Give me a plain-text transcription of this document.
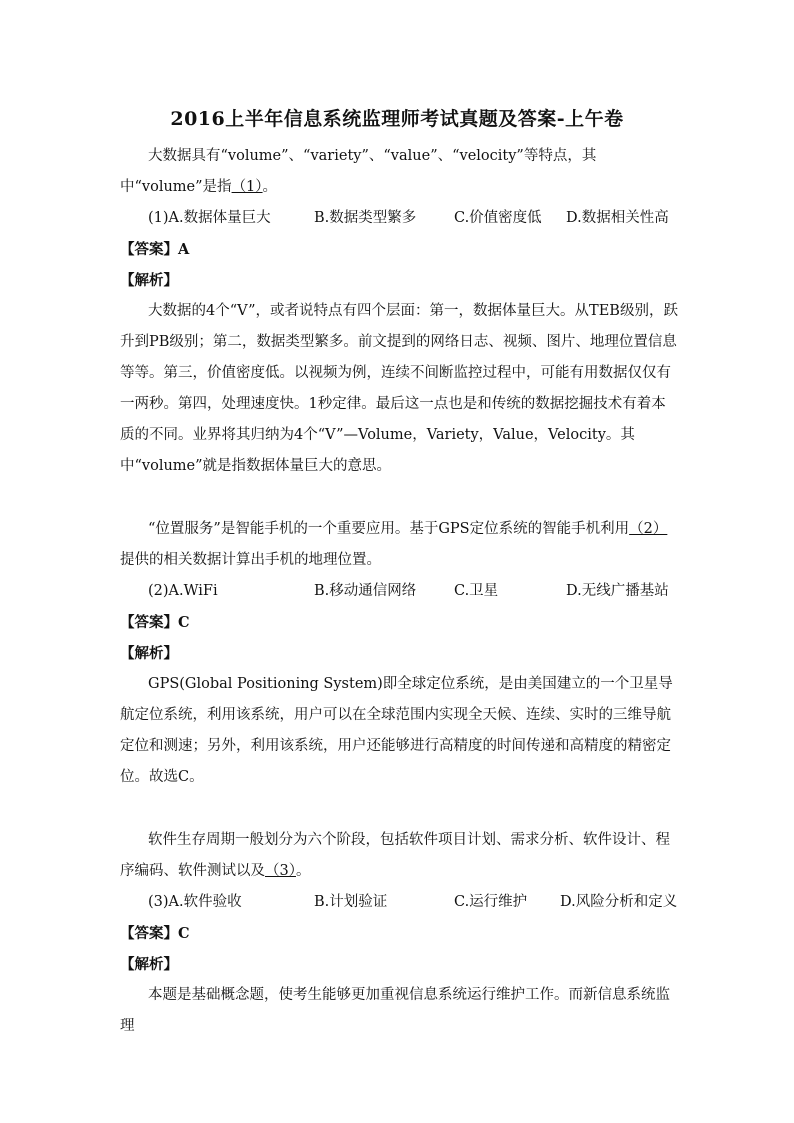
2016上半年信息系统监理师考试真题及答案-上午卷
大数据具有“volume”、“variety”、“value”、“velocity”等特点，其中“volume”是指（1）。
(1)A.数据体量巨大	B.数据类型繁多	C.价值密度低 D.数据相关性高
【答案】A
【解析】
大数据的4个“V”，或者说特点有四个层面：第一，数据体量巨大。从TEB级别，跃升到PB级别；第二，数据类型繁多。前文提到的网络日志、视频、图片、地理位置信息等等。第三，价值密度低。以视频为例，连续不间断监控过程中，可能有用数据仅仅有一两秒。第四，处理速度快。1秒定律。最后这一点也是和传统的数据挖掘技术有着本质的不同。业界将其归纳为4个“V”—Volume，Variety，Value，Velocity。其中“volume”就是指数据体量巨大的意思。
“位置服务”是智能手机的一个重要应用。基于GPS定位系统的智能手机利用（2）提供的相关数据计算出手机的地理位置。
(2)A.WiFi	B.移动通信网络	C.卫星	D.无线广播基站
【答案】C
【解析】
GPS(Global Positioning System)即全球定位系统，是由美国建立的一个卫星导航定位系统，利用该系统，用户可以在全球范围内实现全天候、连续、实时的三维导航定位和测速；另外，利用该系统，用户还能够进行高精度的时间传递和高精度的精密定位。故选C。
软件生存周期一般划分为六个阶段，包括软件项目计划、需求分析、软件设计、程序编码、软件测试以及（3）。
(3)A.软件验收	B.计划验证	C.运行维护 D.风险分析和定义
【答案】C
【解析】
本题是基础概念题，使考生能够更加重视信息系统运行维护工作。而新信息系统监理
